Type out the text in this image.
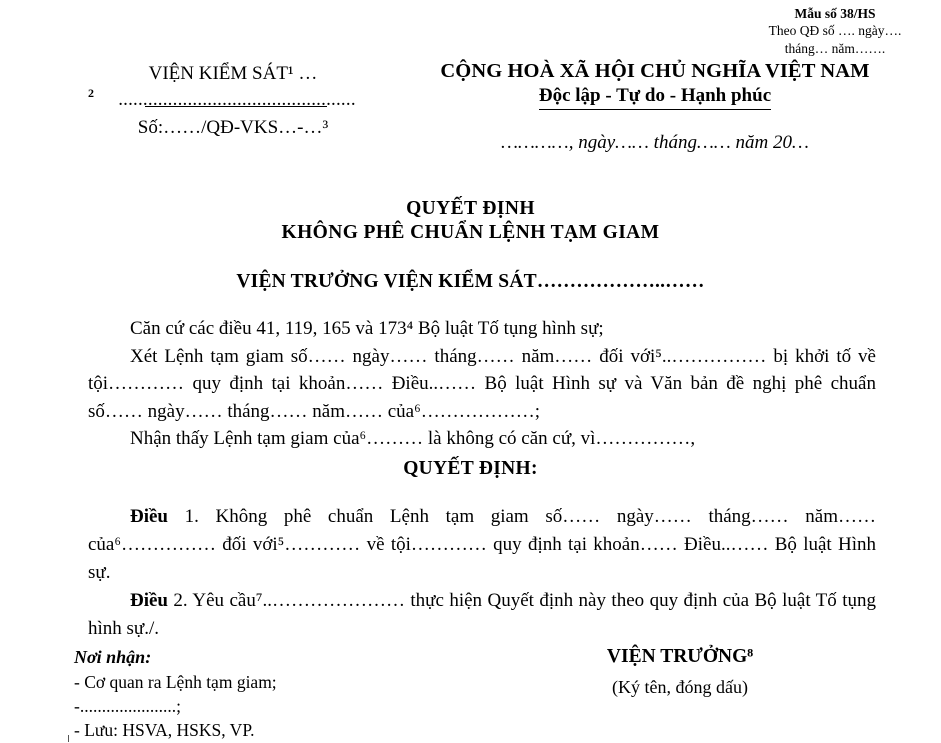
Mẫu số 38/HS
Theo QĐ số …. ngày….
tháng… năm…….
VIỆN KIỂM SÁT¹ …
2	................................................
Số:……/QĐ-VKS…-…³
CỘNG HOÀ XÃ HỘI CHỦ NGHĨA VIỆT NAM
Độc lập - Tự do - Hạnh phúc
…………, ngày…… tháng…… năm 20…
QUYẾT ĐỊNH
KHÔNG PHÊ CHUẨN LỆNH TẠM GIAM
VIỆN TRƯỞNG VIỆN KIỂM SÁT………………..……

Căn cứ các điều 41, 119, 165 và 173⁴ Bộ luật Tố tụng hình sự;

Xét Lệnh tạm giam số…… ngày…… tháng…… năm…… đối với⁵..…………… bị khởi tố về tội………… quy định tại khoản…… Điều..…… Bộ luật Hình sự và Văn bản đề nghị phê chuẩn số…… ngày…… tháng…… năm…… của⁶………………;

Nhận thấy Lệnh tạm giam của⁶……… là không có căn cứ, vì……………,

QUYẾT ĐỊNH:

Điều 1. Không phê chuẩn Lệnh tạm giam số…… ngày…… tháng…… năm…… của⁶…………… đối với⁵………… về tội………… quy định tại khoản…… Điều..…… Bộ luật Hình sự.

Điều 2. Yêu cầu⁷..………………… thực hiện Quyết định này theo quy định của Bộ luật Tố tụng hình sự./.

Nơi nhận:
- Cơ quan ra Lệnh tạm giam;
-......................;
- Lưu: HSVA, HSKS, VP.
VIỆN TRƯỞNG⁸
(Ký tên, đóng dấu)
